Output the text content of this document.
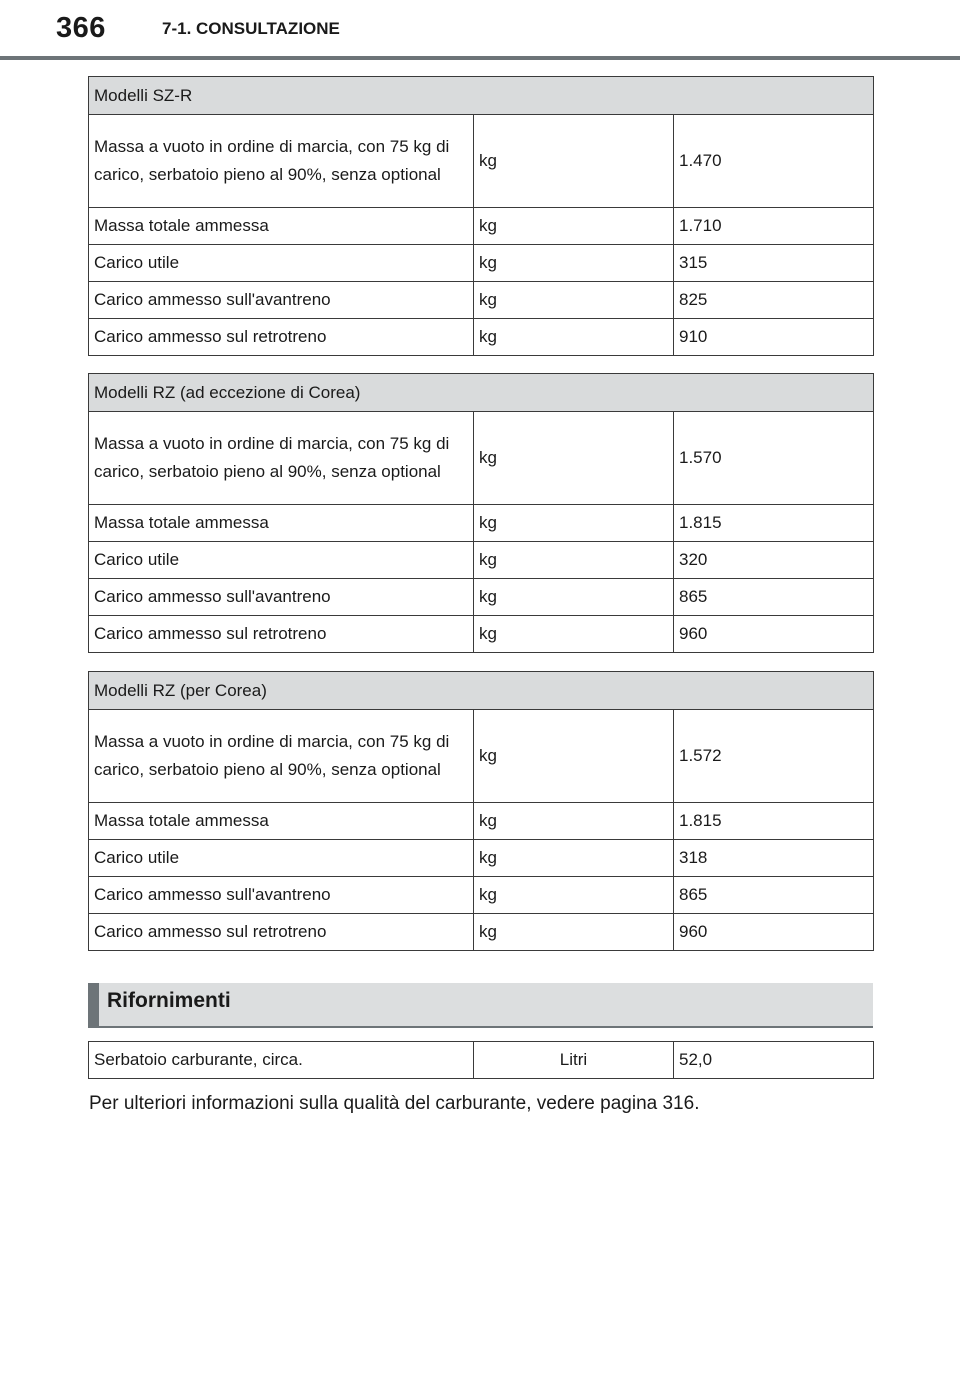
366	7-1. CONSULTAZIONE
Modelli SZ-R		
Massa a vuoto in ordine di marcia, con 75 kg di carico, serbatoio pieno al 90%, senza optional	kg	1.470
Massa totale ammessa	kg	1.710
Carico utile	kg	315
Carico ammesso sull'avantreno	kg	825
Carico ammesso sul retrotreno	kg	910
Modelli RZ (ad eccezione di Corea)		
Massa a vuoto in ordine di marcia, con 75 kg di carico, serbatoio pieno al 90%, senza optional	kg	1.570
Massa totale ammessa	kg	1.815
Carico utile	kg	320
Carico ammesso sull'avantreno	kg	865
Carico ammesso sul retrotreno	kg	960
Modelli RZ (per Corea)		
Massa a vuoto in ordine di marcia, con 75 kg di carico, serbatoio pieno al 90%, senza optional	kg	1.572
Massa totale ammessa	kg	1.815
Carico utile	kg	318
Carico ammesso sull'avantreno	kg	865
Carico ammesso sul retrotreno	kg	960
Rifornimenti
Serbatoio carburante, circa.	Litri	52,0
Per ulteriori informazioni sulla qualità del carburante, vedere pagina 316.
